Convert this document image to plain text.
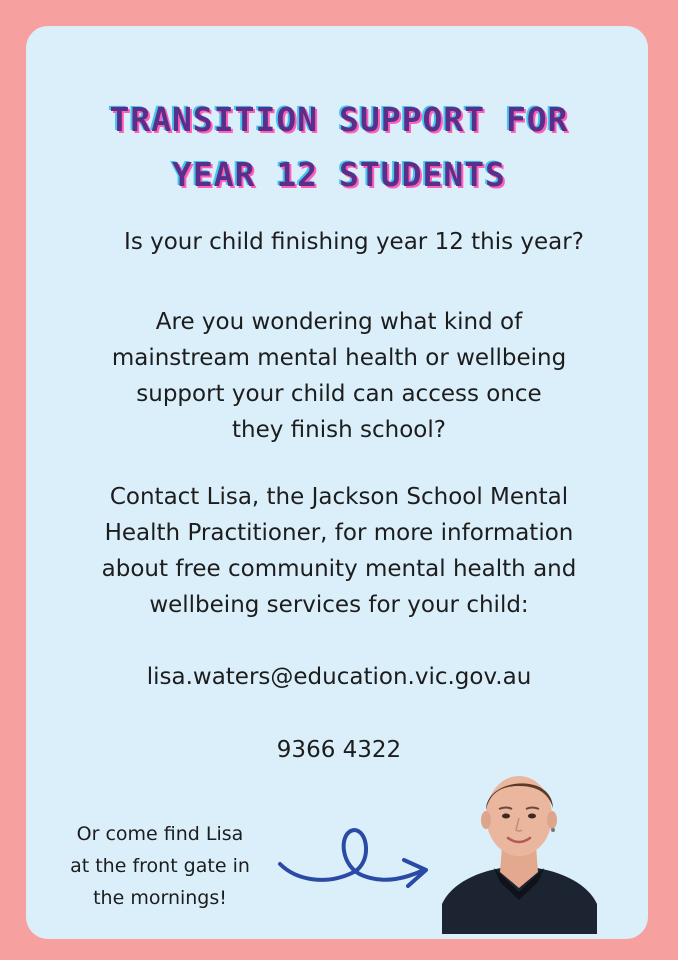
TRANSITION SUPPORT FOR
YEAR 12 STUDENTS

Is your child finishing year 12 this year?

Are you wondering what kind of
mainstream mental health or wellbeing
support your child can access once
they finish school?
Contact Lisa, the Jackson School Mental
Health Practitioner, for more information
about free community mental health and
wellbeing services for your child:

lisa.waters@education.vic.gov.au

9366 4322

Or come find Lisa
at the front gate in
the mornings!
